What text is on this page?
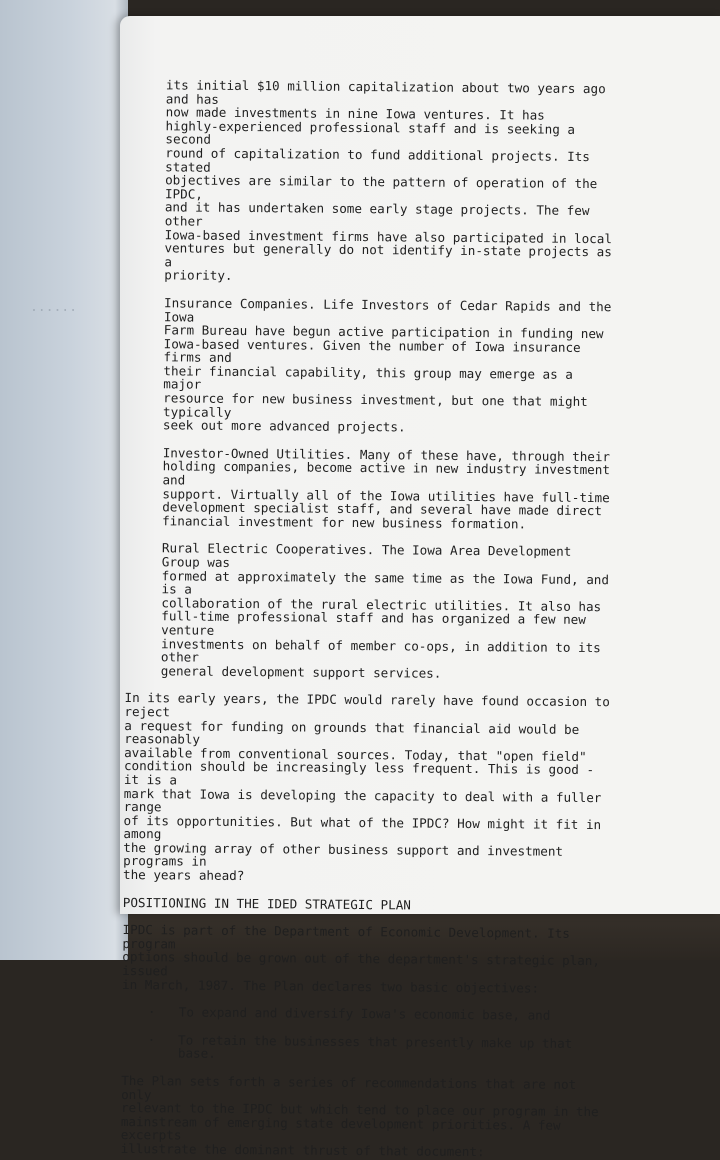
......

its initial $10 million capitalization about two years ago and has
now made investments in nine Iowa ventures. It has
highly-experienced professional staff and is seeking a second
round of capitalization to fund additional projects. Its stated
objectives are similar to the pattern of operation of the IPDC,
and it has undertaken some early stage projects. The few other
Iowa-based investment firms have also participated in local
ventures but generally do not identify in-state projects as a
priority.

Insurance Companies. Life Investors of Cedar Rapids and the Iowa
Farm Bureau have begun active participation in funding new
Iowa-based ventures. Given the number of Iowa insurance firms and
their financial capability, this group may emerge as a major
resource for new business investment, but one that might typically
seek out more advanced projects.

Investor-Owned Utilities. Many of these have, through their
holding companies, become active in new industry investment and
support. Virtually all of the Iowa utilities have full-time
development specialist staff, and several have made direct
financial investment for new business formation.

Rural Electric Cooperatives. The Iowa Area Development Group was
formed at approximately the same time as the Iowa Fund, and is a
collaboration of the rural electric utilities. It also has
full-time professional staff and has organized a few new venture
investments on behalf of member co-ops, in addition to its other
general development support services.

In its early years, the IPDC would rarely have found occasion to reject
a request for funding on grounds that financial aid would be reasonably
available from conventional sources. Today, that "open field"
condition should be increasingly less frequent. This is good - it is a
mark that Iowa is developing the capacity to deal with a fuller range
of its opportunities. But what of the IPDC? How might it fit in among
the growing array of other business support and investment programs in
the years ahead?

POSITIONING IN THE IDED STRATEGIC PLAN

IPDC is part of the Department of Economic Development. Its program
options should be grown out of the department's strategic plan, issued
in March, 1987. The Plan declares two basic objectives:

·	To expand and diversify Iowa's economic base, and
·	To retain the businesses that presently make up that base.

The Plan sets forth a series of recommendations that are not only
relevant to the IPDC but which tend to place our program in the
mainstream of emerging state development priorities. A few excerpts
illustrate the dominant thrust of that document:
